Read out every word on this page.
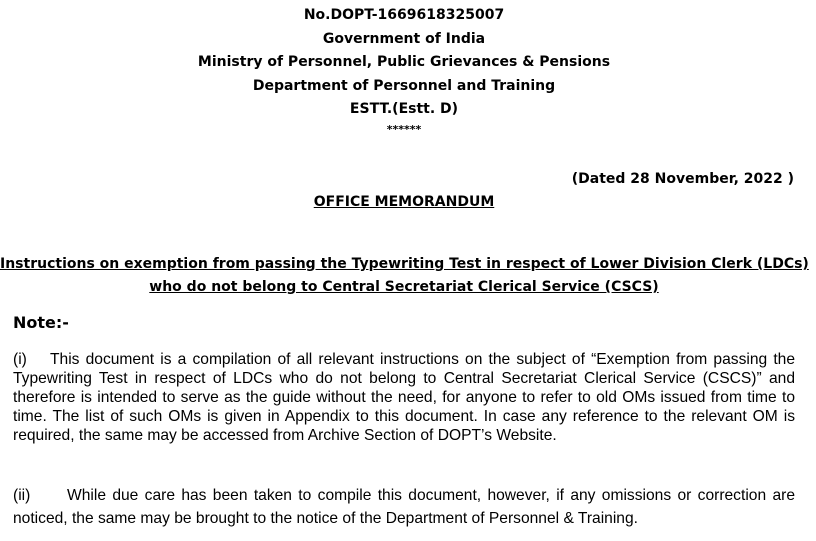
No.DOPT-1669618325007
Government of India
Ministry of Personnel, Public Grievances & Pensions
Department of Personnel and Training
ESTT.(Estt. D)
******
(Dated 28 November, 2022 )
OFFICE MEMORANDUM
Instructions on exemption from passing the Typewriting Test in respect of Lower Division Clerk (LDCs)
who do not belong to Central Secretariat Clerical Service (CSCS)
Note:-
(i) This document is a compilation of all relevant instructions on the subject of “Exemption from passing the Typewriting Test in respect of LDCs who do not belong to Central Secretariat Clerical Service (CSCS)” and therefore is intended to serve as the guide without the need, for anyone to refer to old OMs issued from time to time. The list of such OMs is given in Appendix to this document. In case any reference to the relevant OM is required, the same may be accessed from Archive Section of DOPT’s Website.
(ii) While due care has been taken to compile this document, however, if any omissions or correction are noticed, the same may be brought to the notice of the Department of Personnel & Training.
